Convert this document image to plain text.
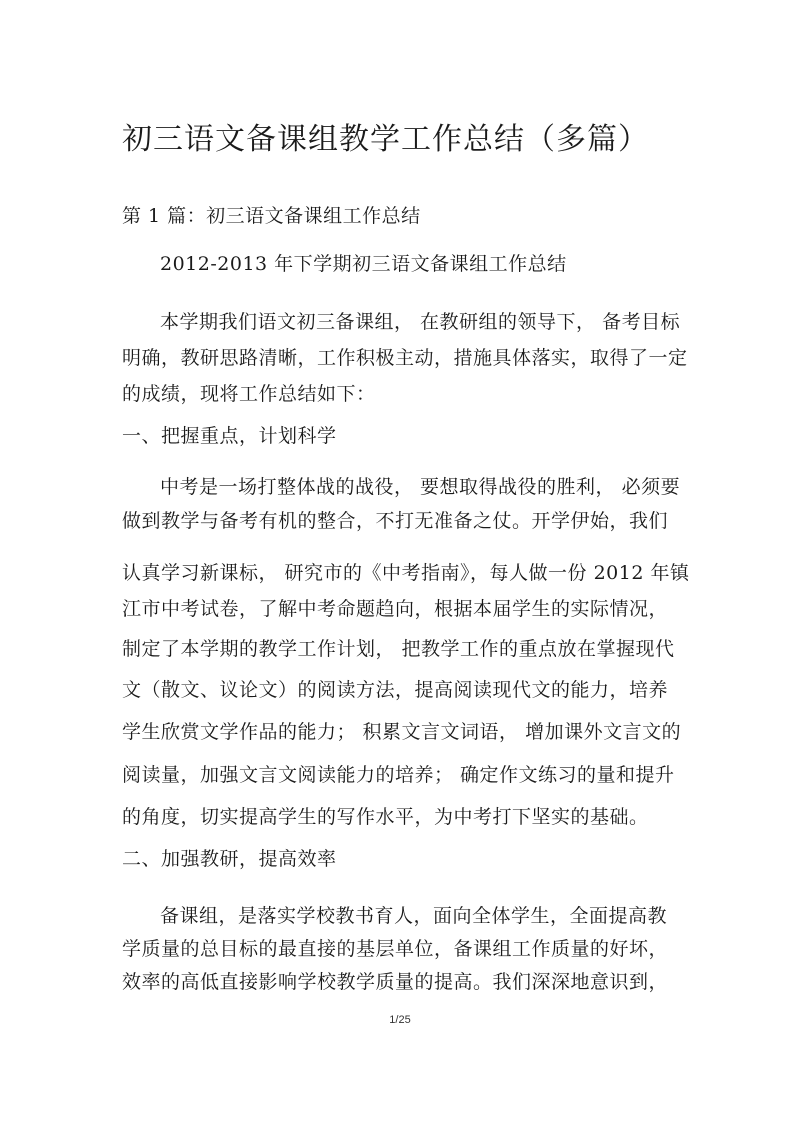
初三语文备课组教学工作总结（多篇）
第 1 篇：初三语文备课组工作总结
2012-2013 年下学期初三语文备课组工作总结
本学期我们语文初三备课组， 在教研组的领导下， 备考目标
明确，教研思路清晰，工作积极主动，措施具体落实，取得了一定
的成绩，现将工作总结如下：
一、把握重点，计划科学
中考是一场打整体战的战役， 要想取得战役的胜利， 必须要
做到教学与备考有机的整合，不打无准备之仗。开学伊始，我们
认真学习新课标， 研究市的《中考指南》，每人做一份 2012 年镇
江市中考试卷，了解中考命题趋向，根据本届学生的实际情况，
制定了本学期的教学工作计划， 把教学工作的重点放在掌握现代
文（散文、议论文）的阅读方法，提高阅读现代文的能力，培养
学生欣赏文学作品的能力； 积累文言文词语， 增加课外文言文的
阅读量，加强文言文阅读能力的培养； 确定作文练习的量和提升
的角度，切实提高学生的写作水平，为中考打下坚实的基础。
二、加强教研，提高效率
备课组，是落实学校教书育人，面向全体学生，全面提高教
学质量的总目标的最直接的基层单位，备课组工作质量的好坏，
效率的高低直接影响学校教学质量的提高。我们深深地意识到，
1/25
